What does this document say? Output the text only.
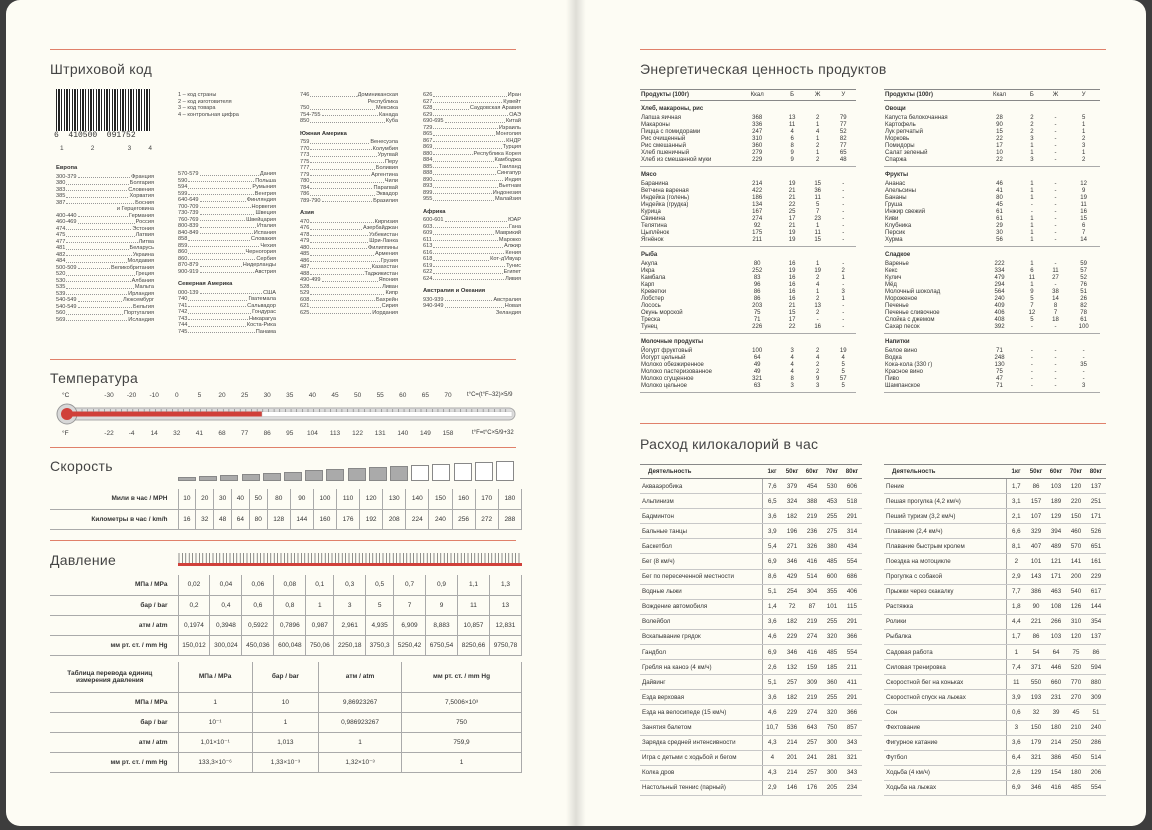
Штриховой код
6  410500  091752
1	2	3	4
1 – код страны
2 – код изготовителя
3 – код товара
4 – контрольная цифра
Европа
300-379	Франция
380	Болгария
383	Словения
385	Хорватия
387	Босния
и Герцеговина
400-440	Германия
460-469	Россия
474	Эстония
475	Латвия
477	Литва
481	Беларусь
482	Украина
484	Молдавия
500-509	Великобритания
520	Греция
530	Албания
535	Мальта
539	Ирландия
540-549	Люксембург
540-549	Бельгия
560	Португалия
569	Исландия
570-579	Дания
590	Польша
594	Румыния
599	Венгрия
640-649	Финляндия
700-709	Норвегия
730-739	Швеция
760-769	Швейцария
800-839	Италия
840-849	Испания
858	Словакия
859	Чехия
860	Черногория
860	Сербия
870-879	Нидерланды
900-919	Австрия
Северная Америка
000-139	США
740	Гватемала
741	Сальвадор
742	Гондурас
743	Никарагуа
744	Коста-Рика
745	Панама
746	Доминиканская
Республика
750	Мексика
754-755	Канада
850	Куба
Южная Америка
759	Венесуэла
770	Колумбия
773	Уругвай
775	Перу
777	Боливия
779	Аргентина
780	Чили
784	Парагвай
786	Эквадор
789-790	Бразилия
Азия
470	Киргизия
476	Азербайджан
478	Узбекистан
479	Шри-Ланка
480	Филиппины
485	Армения
486	Грузия
487	Казахстан
488	Таджикистан
490-499	Япония
528	Ливан
529	Кипр
608	Бахрейн
621	Сирия
625	Иордания
626	Иран
627	Кувейт
628	Саудовская Аравия
629	ОАЭ
690-695	Китай
729	Израиль
865	Монголия
867	КНДР
869	Турция
880	Республика Корея
884	Камбоджа
885	Таиланд
888	Сингапур
890	Индия
893	Вьетнам
899	Индонезия
955	Малайзия
Африка
600-601	ЮАР
603	Гана
609	Маврикий
611	Марокко
613	Алжир
616	Кения
618	Кот-д'Ивуар
619	Тунис
622	Египет
624	Ливия
Австралия и Океания
930-939	Австралия
940-949	Новая
Зеландия
Температура
°С
°F
t°С=(t°F–32)×5/9
t°F=t°С×5/9+32
Скорость
Мили в час / МРН	10	20	30	40	50	80	90	100	110	120	130	140	150	160	170	180
Километры в час / km/h	16	32	48	64	80	128	144	160	176	192	208	224	240	256	272	288
Давление
МПа / MPa	0,02	0,04	0,06	0,08	0,1	0,3	0,5	0,7	0,9	1,1	1,3
бар / bar	0,2	0,4	0,6	0,8	1	3	5	7	9	11	13
атм / atm	0,1974	0,3948	0,5922	0,7896	0,987	2,961	4,935	6,909	8,883	10,857	12,831
мм рт. ст. / mm Hg	150,012	300,024	450,036	600,048	750,06	2250,18	3750,3	5250,42	6750,54	8250,66	9750,78
Таблица перевода единиц измерения давления	МПа / MPa	бар / bar	атм / atm	мм рт. ст. / mm Hg
МПа / MPa	1	10	9,86923267	7,5006×10³
бар / bar	10⁻¹	1	0,986923267	750
атм / atm	1,01×10⁻¹	1,013	1	759,9
мм рт. ст. / mm Hg	133,3×10⁻⁶	1,33×10⁻³	1,32×10⁻³	1
-30 -20 -10 0	5	20 25 30 35 40 45 50 55 60 65 70
-22 -4 14 32 41 68 77 86 95 104 113 122 131 140 149 158
Энергетическая ценность продуктов
Продукты (100г)	Ккал	Б	Ж	У
Хлеб, макароны, рис				
Лапша яичная	368	13	2	79
Макароны	336	11	1	77
Пицца с помидорами	247	4	4	52
Рис очищенный	310	6	1	82
Рис смешанный	360	8	2	77
Хлеб пшеничный	279	9	1	65
Хлеб из смешанной муки	229	9	2	48

Мясо				
Баранина	214	19	15	-
Ветчина вареная	422	21	36	-
Индейка (голень)	186	21	11	-
Индейка (грудка)	134	22	5	-
Курица	167	25	7	-
Свинина	274	17	23	-
Телятина	92	21	1	-
Цыплёнок	175	19	11	-
Ягнёнок	211	19	15	-

Рыба				
Акула	80	16	1	-
Икра	252	19	19	2
Камбала	83	16	2	1
Карп	96	16	4	-
Креветки	86	16	1	3
Лобстер	86	16	2	1
Лосось	203	21	13	-
Окунь морской	75	15	2	-
Треска	71	17	-	-
Тунец	226	22	16	-

Молочные продукты				
Йогурт фруктовый	100	3	2	19
Йогурт цельный	64	4	4	4
Молоко обезжиренное	49	4	2	5
Молоко пастеризованное	49	4	2	5
Молоко сгущенное	321	8	9	57
Молоко цельное	63	3	3	5

Продукты (100г)	Ккал	Б	Ж	У
Овощи				
Капуста белокочанная	28	2	-	5
Картофель	90	2	-	1
Лук репчатый	15	2	-	1
Морковь	22	3	-	2
Помидоры	17	1	-	3
Салат зеленый	10	1	-	1
Спаржа	22	3	-	2

Фрукты				
Ананас	46	1	-	12
Апельсины	41	1	-	9
Бананы	80	1	-	19
Груша	45	-	-	11
Инжир свежий	61	-	-	16
Киви	61	1	-	15
Клубника	29	1	-	6
Персик	30	1	-	7
Хурма	56	1	-	14

Сладкое				
Варенье	222	1	-	59
Кекс	334	6	11	57
Кулич	479	11	27	52
Мёд	294	1	-	76
Молочный шоколад	564	9	38	51
Мороженое	240	5	14	26
Печенье	409	7	8	82
Печенье сливочное	406	12	7	78
Слойка с джемом	408	5	18	61
Сахар песок	392	-	-	100

Напитки				
Белое вино	71	-	-	-
Водка	248	-	-	-
Кока-кола (330 г)	130	-	-	35
Красное вино	75	-	-	-
Пиво	47	-	-	-
Шампанское	71	-	-	3

Расход килокалорий в час
Деятельность	1кг	50кг	60кг	70кг	80кг
Аквааэробика	7,6	379	454	530	606
Альпинизм	6,5	324	388	453	518
Бадминтон	3,6	182	219	255	291
Бальные танцы	3,9	196	236	275	314
Баскетбол	5,4	271	326	380	434
Бег (8 км/ч)	6,9	346	416	485	554
Бег по пересеченной местности	8,6	429	514	600	686
Водные лыжи	5,1	254	304	355	406
Вождение автомобиля	1,4	72	87	101	115
Волейбол	3,6	182	219	255	291
Вскапывание грядок	4,6	229	274	320	366
Гандбол	6,9	346	416	485	554
Гребля на каноэ (4 км/ч)	2,6	132	159	185	211
Дайвинг	5,1	257	309	360	411
Езда верховая	3,6	182	219	255	291
Езда на велосипеде (15 км/ч)	4,6	229	274	320	366
Занятия балетом	10,7	536	643	750	857
Зарядка средней интенсивности	4,3	214	257	300	343
Игра с детьми с ходьбой и бегом	4	201	241	281	321
Колка дров	4,3	214	257	300	343
Настольный теннис (парный)	2,9	146	176	205	234
Деятельность	1кг	50кг	60кг	70кг	80кг
Пение	1,7	86	103	120	137
Пешая прогулка (4,2 км/ч)	3,1	157	189	220	251
Пеший туризм (3,2 км/ч)	2,1	107	129	150	171
Плавание (2,4 км/ч)	6,6	329	394	460	526
Плавание быстрым кролем	8,1	407	489	570	651
Поездка на мотоцикле	2	101	121	141	161
Прогулка с собакой	2,9	143	171	200	229
Прыжки через скакалку	7,7	386	463	540	617
Растяжка	1,8	90	108	126	144
Ролики	4,4	221	266	310	354
Рыбалка	1,7	86	103	120	137
Садовая работа	1	54	64	75	86
Силовая тренировка	7,4	371	446	520	594
Скоростной бег на коньках	11	550	660	770	880
Скоростной спуск на лыжах	3,9	193	231	270	309
Сон	0,6	32	39	45	51
Фехтование	3	150	180	210	240
Фигурное катание	3,6	179	214	250	286
Футбол	6,4	321	386	450	514
Ходьба (4 км/ч)	2,6	129	154	180	206
Ходьба на лыжах	6,9	346	416	485	554
